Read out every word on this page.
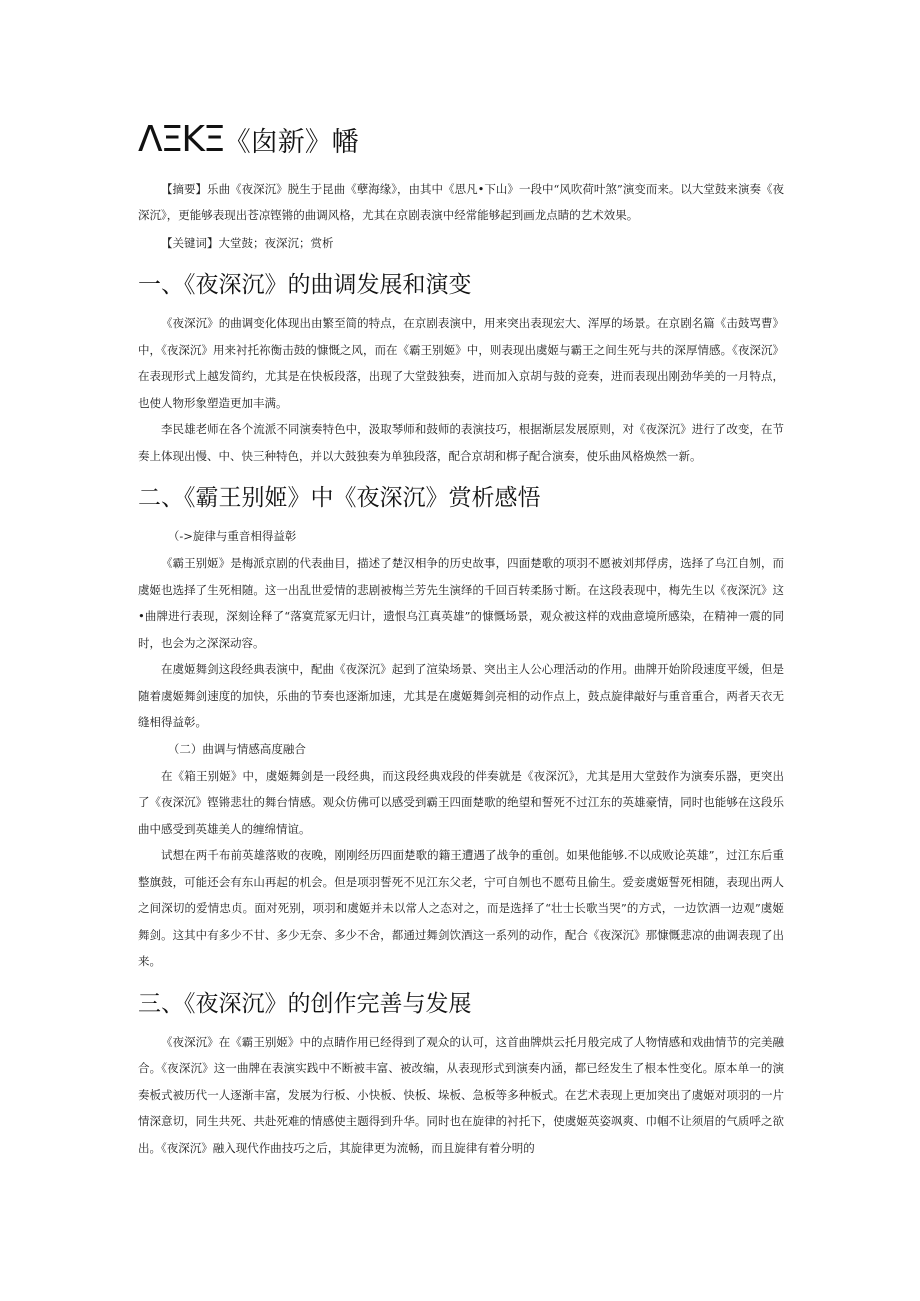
ΛΞΚΞ《囱新》幡

【摘要】乐曲《夜深沉》脱生于昆曲《孽海缘》，由其中《思凡•下山》一段中“风吹荷叶煞”演变而来。以大堂鼓来演奏《夜深沉》，更能够表现出苍凉铿锵的曲调风格，尤其在京剧表演中经常能够起到画龙点睛的艺术效果。

【关键词】大堂鼓；夜深沉；赏析

一、《夜深沉》的曲调发展和演变

《夜深沉》的曲调变化体现出由繁至简的特点，在京剧表演中，用来突出表现宏大、浑厚的场景。在京剧名篇《击鼓骂曹》中，《夜深沉》用来衬托祢衡击鼓的慷慨之风，而在《霸王别姬》中，则表现出虞姬与霸王之间生死与共的深厚情感。《夜深沉》在表现形式上越发简约，尤其是在快板段落，出现了大堂鼓独奏，进而加入京胡与鼓的竞奏，进而表现出刚劲华美的一月特点，也使人物形象塑造更加丰满。

李民雄老师在各个流派不同演奏特色中，汲取琴师和鼓师的表演技巧，根据渐层发展原则，对《夜深沉》进行了改变，在节奏上体现出慢、中、快三种特色，并以大鼓独奏为单独段落，配合京胡和梆子配合演奏，使乐曲风格焕然一新。

二、《霸王别姬》中《夜深沉》赏析感悟

（->旋律与重音相得益彰

《霸王别姬》是梅派京剧的代表曲目，描述了楚汉相争的历史故事，四面楚歌的项羽不愿被刘邦俘虏，选择了乌江自刎，而虞姬也选择了生死相随。这一出乱世爱情的悲剧被梅兰芳先生演绎的千回百转柔肠寸断。在这段表现中，梅先生以《夜深沉》这•曲牌进行表现，深刻诠释了“落寞荒冢无归计，遗恨乌江真英雄”的慷慨场景，观众被这样的戏曲意境所感染，在精神一震的同时，也会为之深深动容。

在虞姬舞剑这段经典表演中，配曲《夜深沉》起到了渲染场景、突出主人公心理活动的作用。曲牌开始阶段速度平缓，但是随着虞姬舞剑速度的加快，乐曲的节奏也逐渐加速，尤其是在虞姬舞剑亮相的动作点上，鼓点旋律敲好与重音重合，两者天衣无缝相得益彰。

（二）曲调与情感高度融合

在《箱王别姬》中，虞姬舞剑是一段经典，而这段经典戏段的伴奏就是《夜深沉》，尤其是用大堂鼓作为演奏乐器，更突出了《夜深沉》铿锵悲壮的舞台情感。观众仿佛可以感受到霸王四面楚歌的绝望和誓死不过江东的英雄豪情，同时也能够在这段乐曲中感受到英雄美人的缠绵情谊。

试想在两千布前英雄落败的夜晚，刚刚经历四面楚歌的籍王遭遇了战争的重创。如果他能够.不以成败论英雄”，过江东后重整旗鼓，可能还会有东山再起的机会。但是项羽誓死不见江东父老，宁可自刎也不愿苟且偷生。爱妾虞姬誓死相随，表现出两人之间深切的爱情忠贞。面对死别，项羽和虞姬并未以常人之态对之，而是选择了“壮士长歌当哭”的方式，一边饮酒一边观”虞姬舞剑。这其中有多少不甘、多少无奈、多少不舍，都通过舞剑饮酒这一系列的动作，配合《夜深沉》那慷慨悲凉的曲调表现了出来。

三、《夜深沉》的创作完善与发展

《夜深沉》在《霸王别姬》中的点睛作用已经得到了观众的认可，这首曲牌烘云托月般完成了人物情感和戏曲情节的完美融合。《夜深沉》这一曲牌在表演实践中不断被丰富、被改编，从表现形式到演奏内涵，都已经发生了根本性变化。原本单一的演奏板式被历代一人逐渐丰富，发展为行板、小快板、快板、垛板、急板等多种板式。在艺术表现上更加突出了虞姬对项羽的一片情深意切，同生共死、共赴死难的情感使主题得到升华。同时也在旋律的衬托下，使虞姬英姿飒爽、巾帼不让须眉的气质呼之欲出。《夜深沉》融入现代作曲技巧之后，其旋律更为流畅，而且旋律有着分明的
